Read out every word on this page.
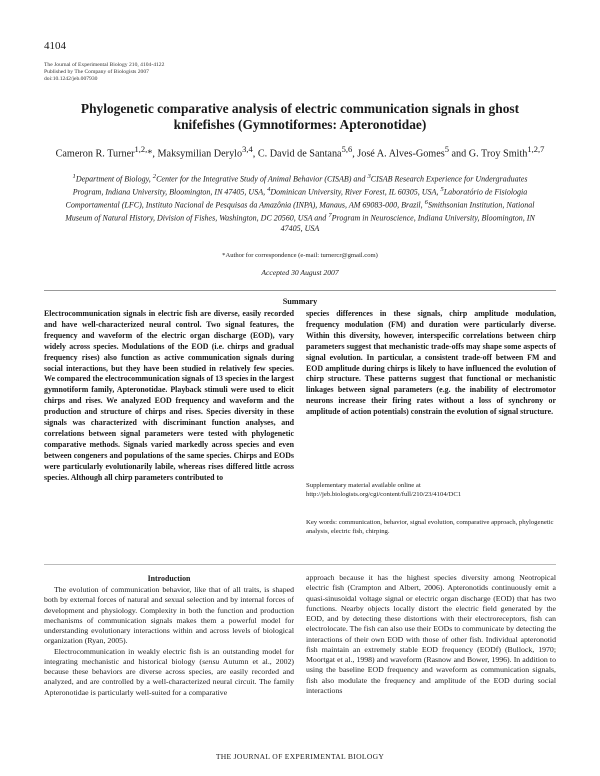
4104
The Journal of Experimental Biology 210, 4104-4122
Published by The Company of Biologists 2007
doi:10.1242/jeb.007930
Phylogenetic comparative analysis of electric communication signals in ghost
knifefishes (Gymnotiformes: Apteronotidae)
Cameron R. Turner$^{1,2,}$*, Maksymilian Derylo$^{3,4}$, C. David de Santana$^{5,6}$, José A. Alves-Gomes$^5$ and G. Troy Smith$^{1,2,7}$
$^1$Department of Biology, $^2$Center for the Integrative Study of Animal Behavior (CISAB) and $^3$CISAB Research Experience for Undergraduates Program, Indiana University, Bloomington, IN 47405, USA, $^4$Dominican University, River Forest, IL 60305, USA, $^5$Laboratório de Fisiologia Comportamental (LFC), Instituto Nacional de Pesquisas da Amazônia (INPA), Manaus, AM 69083-000, Brazil, $^6$Smithsonian Institution, National Museum of Natural History, Division of Fishes, Washington, DC 20560, USA and $^7$Program in Neuroscience, Indiana University, Bloomington, IN 47405, USA
*Author for correspondence (e-mail: turnercr@gmail.com)
Accepted 30 August 2007
Summary

Electrocommunication signals in electric fish are diverse, easily recorded and have well-characterized neural control. Two signal features, the frequency and waveform of the electric organ discharge (EOD), vary widely across species. Modulations of the EOD (i.e. chirps and gradual frequency rises) also function as active communication signals during social interactions, but they have been studied in relatively few species. We compared the electrocommunication signals of 13 species in the largest gymnotiform family, Apteronotidae. Playback stimuli were used to elicit chirps and rises. We analyzed EOD frequency and waveform and the production and structure of chirps and rises. Species diversity in these signals was characterized with discriminant function analyses, and correlations between signal parameters were tested with phylogenetic comparative methods. Signals varied markedly across species and even between congeners and populations of the same species. Chirps and EODs were particularly evolutionarily labile, whereas rises differed little across species. Although all chirp parameters contributed to

species differences in these signals, chirp amplitude modulation, frequency modulation (FM) and duration were particularly diverse. Within this diversity, however, interspecific correlations between chirp parameters suggest that mechanistic trade-offs may shape some aspects of signal evolution. In particular, a consistent trade-off between FM and EOD amplitude during chirps is likely to have influenced the evolution of chirp structure. These patterns suggest that functional or mechanistic linkages between signal parameters (e.g. the inability of electromotor neurons increase their firing rates without a loss of synchrony or amplitude of action potentials) constrain the evolution of signal structure.

Supplementary material available online at
http://jeb.biologists.org/cgi/content/full/210/23/4104/DC1

Key words: communication, behavior, signal evolution, comparative approach, phylogenetic analysis, electric fish, chirping.

Introduction

The evolution of communication behavior, like that of all traits, is shaped both by external forces of natural and sexual selection and by internal forces of development and physiology. Complexity in both the function and production mechanisms of communication signals makes them a powerful model for understanding evolutionary interactions within and across levels of biological organization (Ryan, 2005).

Electrocommunication in weakly electric fish is an outstanding model for integrating mechanistic and historical biology (sensu Autumn et al., 2002) because these behaviors are diverse across species, are easily recorded and analyzed, and are controlled by a well-characterized neural circuit. The family Apteronotidae is particularly well-suited for a comparative

approach because it has the highest species diversity among Neotropical electric fish (Crampton and Albert, 2006). Apteronotids continuously emit a quasi-sinusoidal voltage signal or electric organ discharge (EOD) that has two functions. Nearby objects locally distort the electric field generated by the EOD, and by detecting these distortions with their electroreceptors, fish can electrolocate. The fish can also use their EODs to communicate by detecting the interactions of their own EOD with those of other fish. Individual apteronotid fish maintain an extremely stable EOD frequency (EODf) (Bullock, 1970; Moortgat et al., 1998) and waveform (Rasnow and Bower, 1996). In addition to using the baseline EOD frequency and waveform as communication signals, fish also modulate the frequency and amplitude of the EOD during social interactions

THE JOURNAL OF EXPERIMENTAL BIOLOGY
